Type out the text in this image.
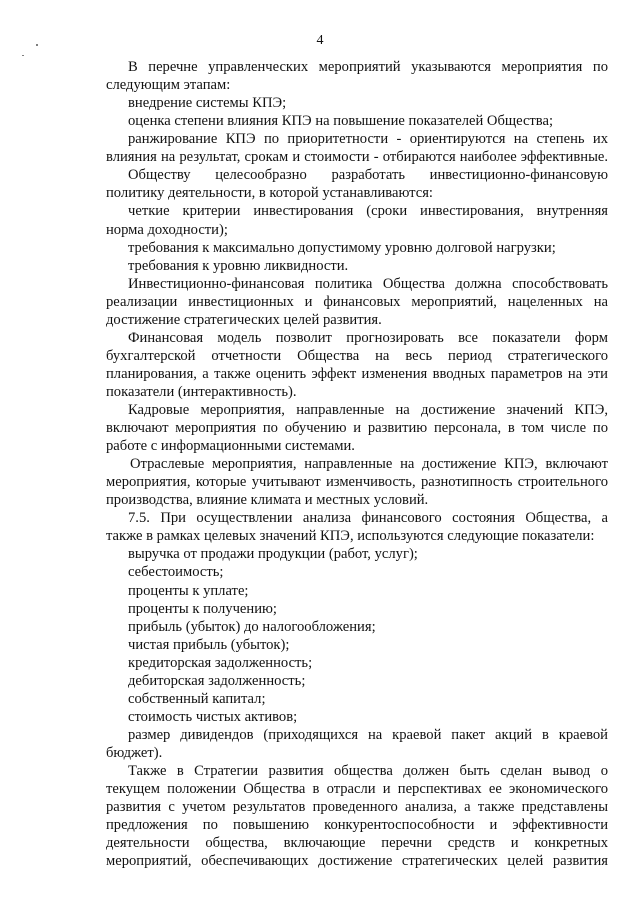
4
В перечне управленческих мероприятий указываются мероприятия по
следующим этапам:
внедрение системы КПЭ;
оценка степени влияния КПЭ на повышение показателей Общества;
ранжирование КПЭ по приоритетности - ориентируются на степень их
влияния на результат, срокам и стоимости - отбираются наиболее эффективные.
Обществу целесообразно разработать инвестиционно-финансовую
политику деятельности, в которой устанавливаются:
четкие критерии инвестирования (сроки инвестирования, внутренняя
норма доходности);
требования к максимально допустимому уровню долговой нагрузки;
требования к уровню ликвидности.
Инвестиционно-финансовая политика Общества должна способствовать
реализации инвестиционных и финансовых мероприятий, нацеленных на
достижение стратегических целей развития.
Финансовая модель позволит прогнозировать все показатели форм
бухгалтерской отчетности Общества на весь период стратегического
планирования, а также оценить эффект изменения вводных параметров на эти
показатели (интерактивность).
Кадровые мероприятия, направленные на достижение значений КПЭ,
включают мероприятия по обучению и развитию персонала, в том числе по
работе с информационными системами.
Отраслевые мероприятия, направленные на достижение КПЭ, включают
мероприятия, которые учитывают изменчивость, разнотипность строительного
производства, влияние климата и местных условий.
7.5. При осуществлении анализа финансового состояния Общества, а
также в рамках целевых значений КПЭ, используются следующие показатели:
выручка от продажи продукции (работ, услуг);
себестоимость;
проценты к уплате;
проценты к получению;
прибыль (убыток) до налогообложения;
чистая прибыль (убыток);
кредиторская задолженность;
дебиторская задолженность;
собственный капитал;
стоимость чистых активов;
размер дивидендов (приходящихся на краевой пакет акций в краевой
бюджет).
Также в Стратегии развития общества должен быть сделан вывод о
текущем положении Общества в отрасли и перспективах ее экономического
развития с учетом результатов проведенного анализа, а также представлены
предложения по повышению конкурентоспособности и эффективности
деятельности общества, включающие перечни средств и конкретных
мероприятий, обеспечивающих достижение стратегических целей развития
